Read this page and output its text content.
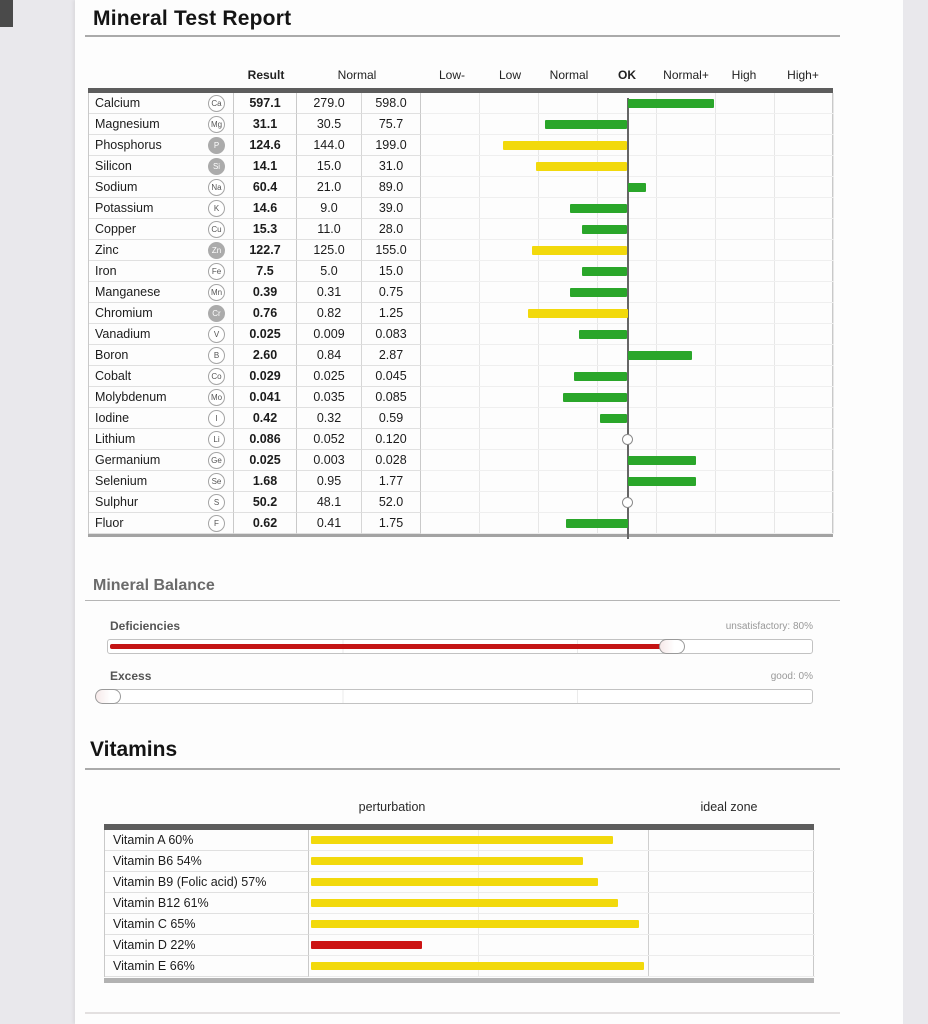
Mineral Test Report
Result	Normal	Low-	Low Normal OK Normal+ High	High+
Calcium	Ca	597.1	279.0	598.0
Magnesium	Mg	31.1	30.5	75.7
Phosphorus	P	124.6	144.0	199.0
Silicon	Si	14.1	15.0	31.0
Sodium	Na	60.4	21.0	89.0
Potassium	K	14.6	9.0	39.0
Copper	Cu	15.3	11.0	28.0
Zinc	Zn	122.7	125.0	155.0
Iron	Fe	7.5	5.0	15.0
Manganese	Mn	0.39	0.31	0.75
Chromium	Cr	0.76	0.82	1.25
Vanadium	V	0.025	0.009	0.083
Boron	B	2.60	0.84	2.87
Cobalt	Co	0.029	0.025	0.045
Molybdenum	Mo	0.041	0.035	0.085
Iodine	I	0.42	0.32	0.59
Lithium	Li	0.086	0.052	0.120
Germanium	Ge	0.025	0.003	0.028
Selenium	Se	1.68	0.95	1.77
Sulphur	S	50.2	48.1	52.0
Fluor	F	0.62	0.41	1.75
Mineral Balance
Deficiencies	unsatisfactory: 80%
Excess	good: 0%
Vitamins
perturbation	ideal zone
Vitamin A 60%
Vitamin B6 54%
Vitamin B9 (Folic acid) 57%
Vitamin B12 61%
Vitamin C 65%
Vitamin D 22%
Vitamin E 66%
